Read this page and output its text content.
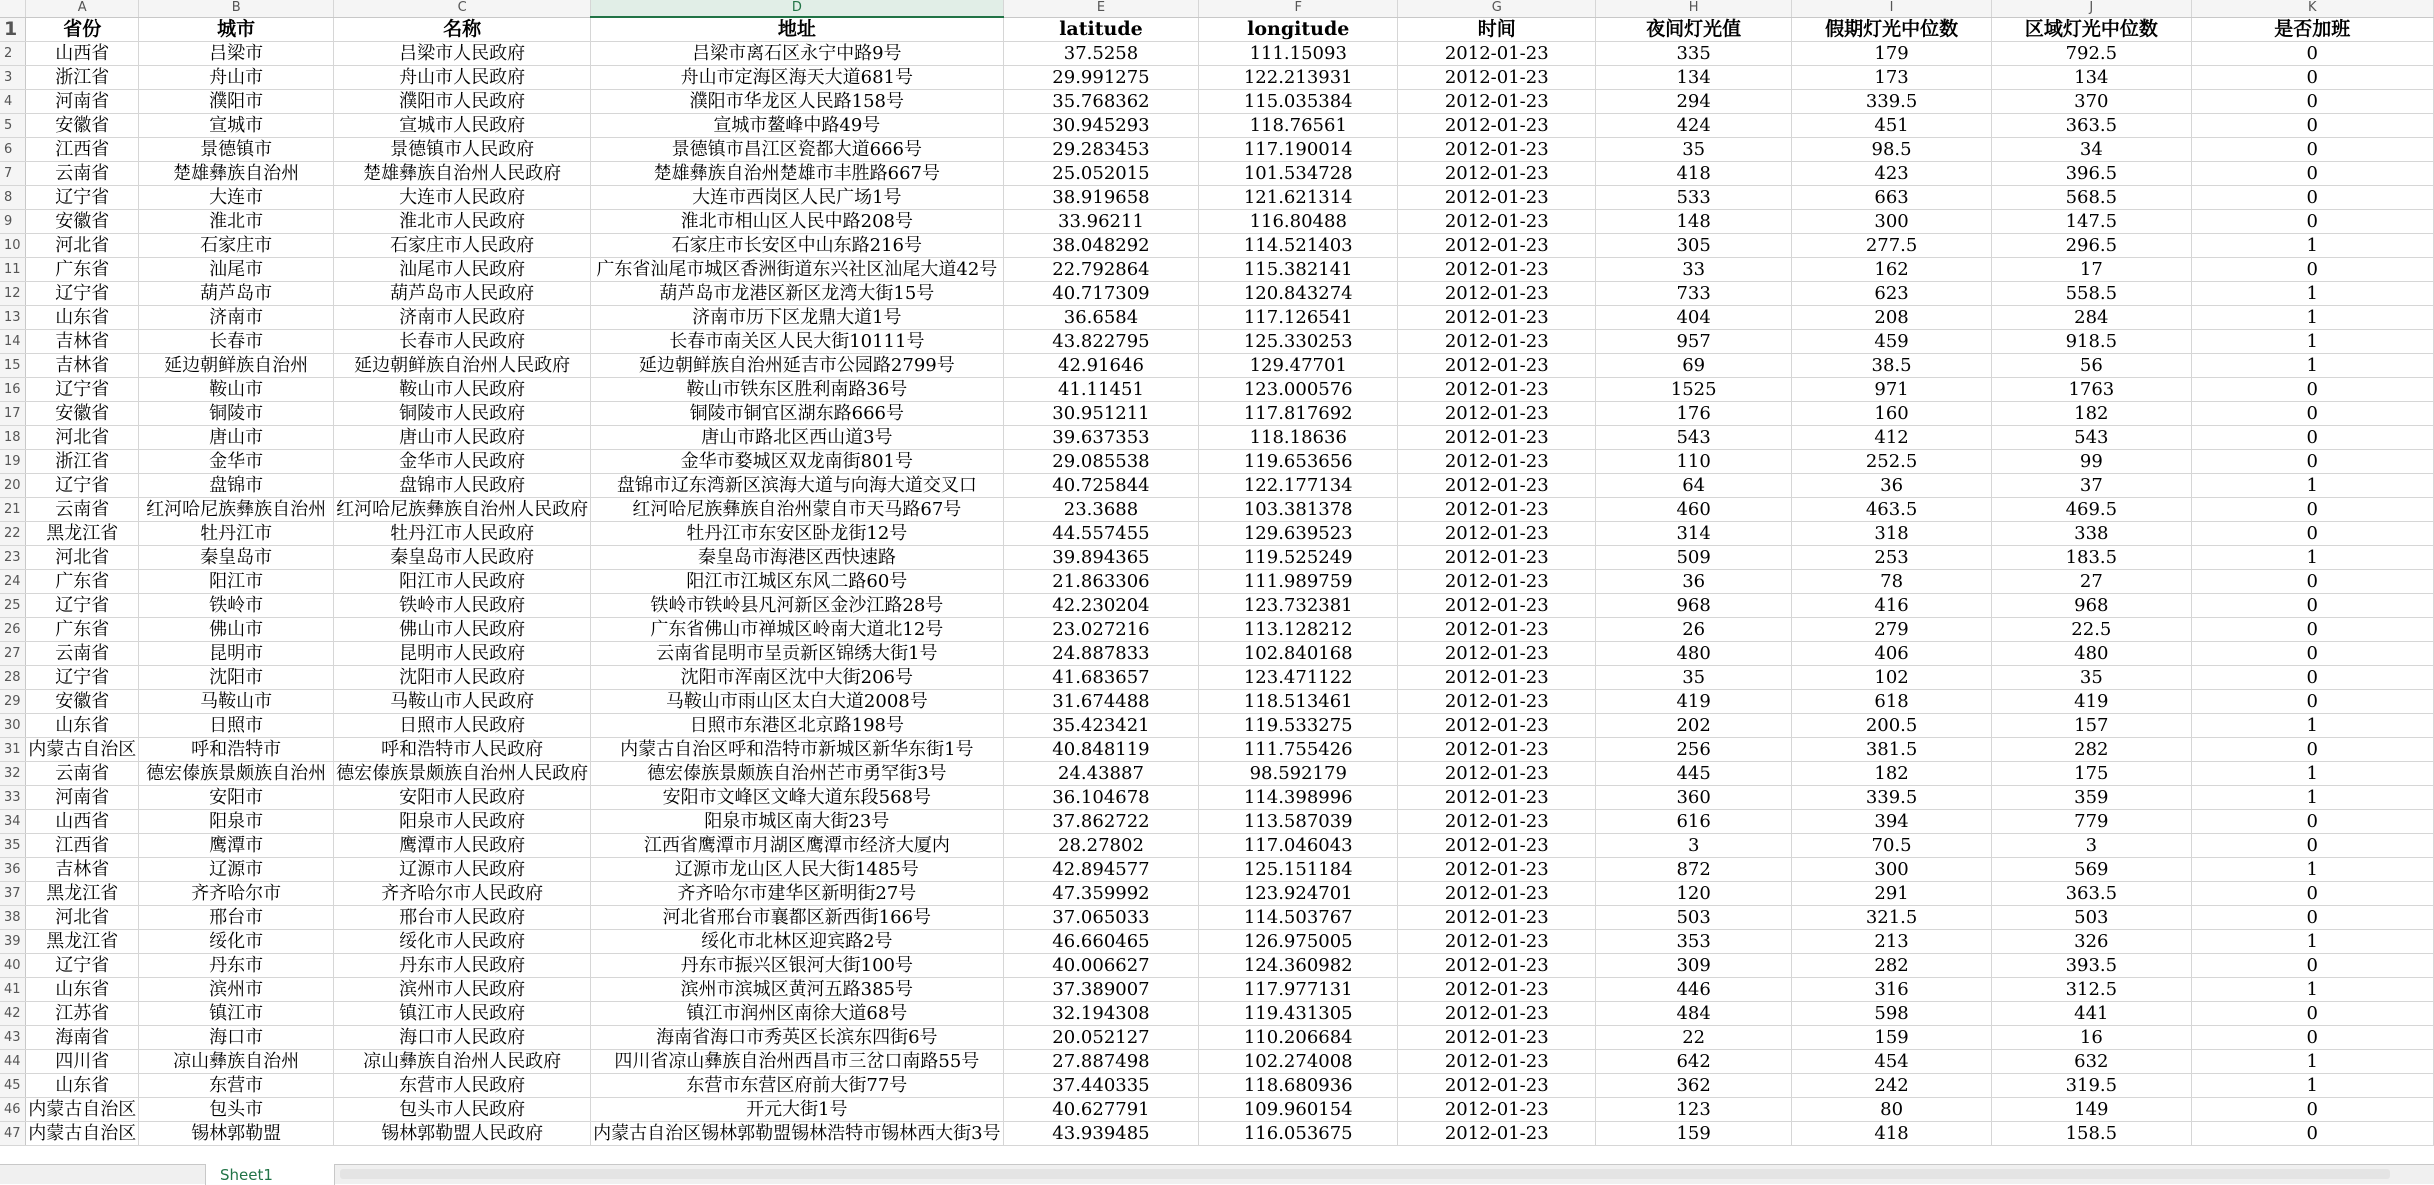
	A	B	C	D	E	F	G	H	I	J	K
1	省份	城市	名称	地址	latitude	longitude	时间	夜间灯光值	假期灯光中位数	区域灯光中位数	是否加班
2	山西省	吕梁市	吕梁市人民政府	吕梁市离石区永宁中路9号	37.5258	111.15093	2012-01-23	335	179	792.5	0
3	浙江省	舟山市	舟山市人民政府	舟山市定海区海天大道681号	29.991275	122.213931	2012-01-23	134	173	134	0
4	河南省	濮阳市	濮阳市人民政府	濮阳市华龙区人民路158号	35.768362	115.035384	2012-01-23	294	339.5	370	0
5	安徽省	宣城市	宣城市人民政府	宣城市鳌峰中路49号	30.945293	118.76561	2012-01-23	424	451	363.5	0
6	江西省	景德镇市	景德镇市人民政府	景德镇市昌江区瓷都大道666号	29.283453	117.190014	2012-01-23	35	98.5	34	0
7	云南省	楚雄彝族自治州	楚雄彝族自治州人民政府	楚雄彝族自治州楚雄市丰胜路667号	25.052015	101.534728	2012-01-23	418	423	396.5	0
8	辽宁省	大连市	大连市人民政府	大连市西岗区人民广场1号	38.919658	121.621314	2012-01-23	533	663	568.5	0
9	安徽省	淮北市	淮北市人民政府	淮北市相山区人民中路208号	33.96211	116.80488	2012-01-23	148	300	147.5	0
10	河北省	石家庄市	石家庄市人民政府	石家庄市长安区中山东路216号	38.048292	114.521403	2012-01-23	305	277.5	296.5	1
11	广东省	汕尾市	汕尾市人民政府	广东省汕尾市城区香洲街道东兴社区汕尾大道42号	22.792864	115.382141	2012-01-23	33	162	17	0
12	辽宁省	葫芦岛市	葫芦岛市人民政府	葫芦岛市龙港区新区龙湾大街15号	40.717309	120.843274	2012-01-23	733	623	558.5	1
13	山东省	济南市	济南市人民政府	济南市历下区龙鼎大道1号	36.6584	117.126541	2012-01-23	404	208	284	1
14	吉林省	长春市	长春市人民政府	长春市南关区人民大街10111号	43.822795	125.330253	2012-01-23	957	459	918.5	1
15	吉林省	延边朝鲜族自治州	延边朝鲜族自治州人民政府	延边朝鲜族自治州延吉市公园路2799号	42.91646	129.47701	2012-01-23	69	38.5	56	1
16	辽宁省	鞍山市	鞍山市人民政府	鞍山市铁东区胜利南路36号	41.11451	123.000576	2012-01-23	1525	971	1763	0
17	安徽省	铜陵市	铜陵市人民政府	铜陵市铜官区湖东路666号	30.951211	117.817692	2012-01-23	176	160	182	0
18	河北省	唐山市	唐山市人民政府	唐山市路北区西山道3号	39.637353	118.18636	2012-01-23	543	412	543	0
19	浙江省	金华市	金华市人民政府	金华市婺城区双龙南街801号	29.085538	119.653656	2012-01-23	110	252.5	99	0
20	辽宁省	盘锦市	盘锦市人民政府	盘锦市辽东湾新区滨海大道与向海大道交叉口	40.725844	122.177134	2012-01-23	64	36	37	1
21	云南省	红河哈尼族彝族自治州	红河哈尼族彝族自治州人民政府	红河哈尼族彝族自治州蒙自市天马路67号	23.3688	103.381378	2012-01-23	460	463.5	469.5	0
22	黑龙江省	牡丹江市	牡丹江市人民政府	牡丹江市东安区卧龙街12号	44.557455	129.639523	2012-01-23	314	318	338	0
23	河北省	秦皇岛市	秦皇岛市人民政府	秦皇岛市海港区西快速路	39.894365	119.525249	2012-01-23	509	253	183.5	1
24	广东省	阳江市	阳江市人民政府	阳江市江城区东风二路60号	21.863306	111.989759	2012-01-23	36	78	27	0
25	辽宁省	铁岭市	铁岭市人民政府	铁岭市铁岭县凡河新区金沙江路28号	42.230204	123.732381	2012-01-23	968	416	968	0
26	广东省	佛山市	佛山市人民政府	广东省佛山市禅城区岭南大道北12号	23.027216	113.128212	2012-01-23	26	279	22.5	0
27	云南省	昆明市	昆明市人民政府	云南省昆明市呈贡新区锦绣大街1号	24.887833	102.840168	2012-01-23	480	406	480	0
28	辽宁省	沈阳市	沈阳市人民政府	沈阳市浑南区沈中大街206号	41.683657	123.471122	2012-01-23	35	102	35	0
29	安徽省	马鞍山市	马鞍山市人民政府	马鞍山市雨山区太白大道2008号	31.674488	118.513461	2012-01-23	419	618	419	0
30	山东省	日照市	日照市人民政府	日照市东港区北京路198号	35.423421	119.533275	2012-01-23	202	200.5	157	1
31	内蒙古自治区	呼和浩特市	呼和浩特市人民政府	内蒙古自治区呼和浩特市新城区新华东街1号	40.848119	111.755426	2012-01-23	256	381.5	282	0
32	云南省	德宏傣族景颇族自治州	德宏傣族景颇族自治州人民政府	德宏傣族景颇族自治州芒市勇罕街3号	24.43887	98.592179	2012-01-23	445	182	175	1
33	河南省	安阳市	安阳市人民政府	安阳市文峰区文峰大道东段568号	36.104678	114.398996	2012-01-23	360	339.5	359	1
34	山西省	阳泉市	阳泉市人民政府	阳泉市城区南大街23号	37.862722	113.587039	2012-01-23	616	394	779	0
35	江西省	鹰潭市	鹰潭市人民政府	江西省鹰潭市月湖区鹰潭市经济大厦内	28.27802	117.046043	2012-01-23	3	70.5	3	0
36	吉林省	辽源市	辽源市人民政府	辽源市龙山区人民大街1485号	42.894577	125.151184	2012-01-23	872	300	569	1
37	黑龙江省	齐齐哈尔市	齐齐哈尔市人民政府	齐齐哈尔市建华区新明街27号	47.359992	123.924701	2012-01-23	120	291	363.5	0
38	河北省	邢台市	邢台市人民政府	河北省邢台市襄都区新西街166号	37.065033	114.503767	2012-01-23	503	321.5	503	0
39	黑龙江省	绥化市	绥化市人民政府	绥化市北林区迎宾路2号	46.660465	126.975005	2012-01-23	353	213	326	1
40	辽宁省	丹东市	丹东市人民政府	丹东市振兴区银河大街100号	40.006627	124.360982	2012-01-23	309	282	393.5	0
41	山东省	滨州市	滨州市人民政府	滨州市滨城区黄河五路385号	37.389007	117.977131	2012-01-23	446	316	312.5	1
42	江苏省	镇江市	镇江市人民政府	镇江市润州区南徐大道68号	32.194308	119.431305	2012-01-23	484	598	441	0
43	海南省	海口市	海口市人民政府	海南省海口市秀英区长滨东四街6号	20.052127	110.206684	2012-01-23	22	159	16	0
44	四川省	凉山彝族自治州	凉山彝族自治州人民政府	四川省凉山彝族自治州西昌市三岔口南路55号	27.887498	102.274008	2012-01-23	642	454	632	1
45	山东省	东营市	东营市人民政府	东营市东营区府前大街77号	37.440335	118.680936	2012-01-23	362	242	319.5	1
46	内蒙古自治区	包头市	包头市人民政府	开元大街1号	40.627791	109.960154	2012-01-23	123	80	149	0
47	内蒙古自治区	锡林郭勒盟	锡林郭勒盟人民政府	内蒙古自治区锡林郭勒盟锡林浩特市锡林西大街3号	43.939485	116.053675	2012-01-23	159	418	158.5	0
Sheet1
